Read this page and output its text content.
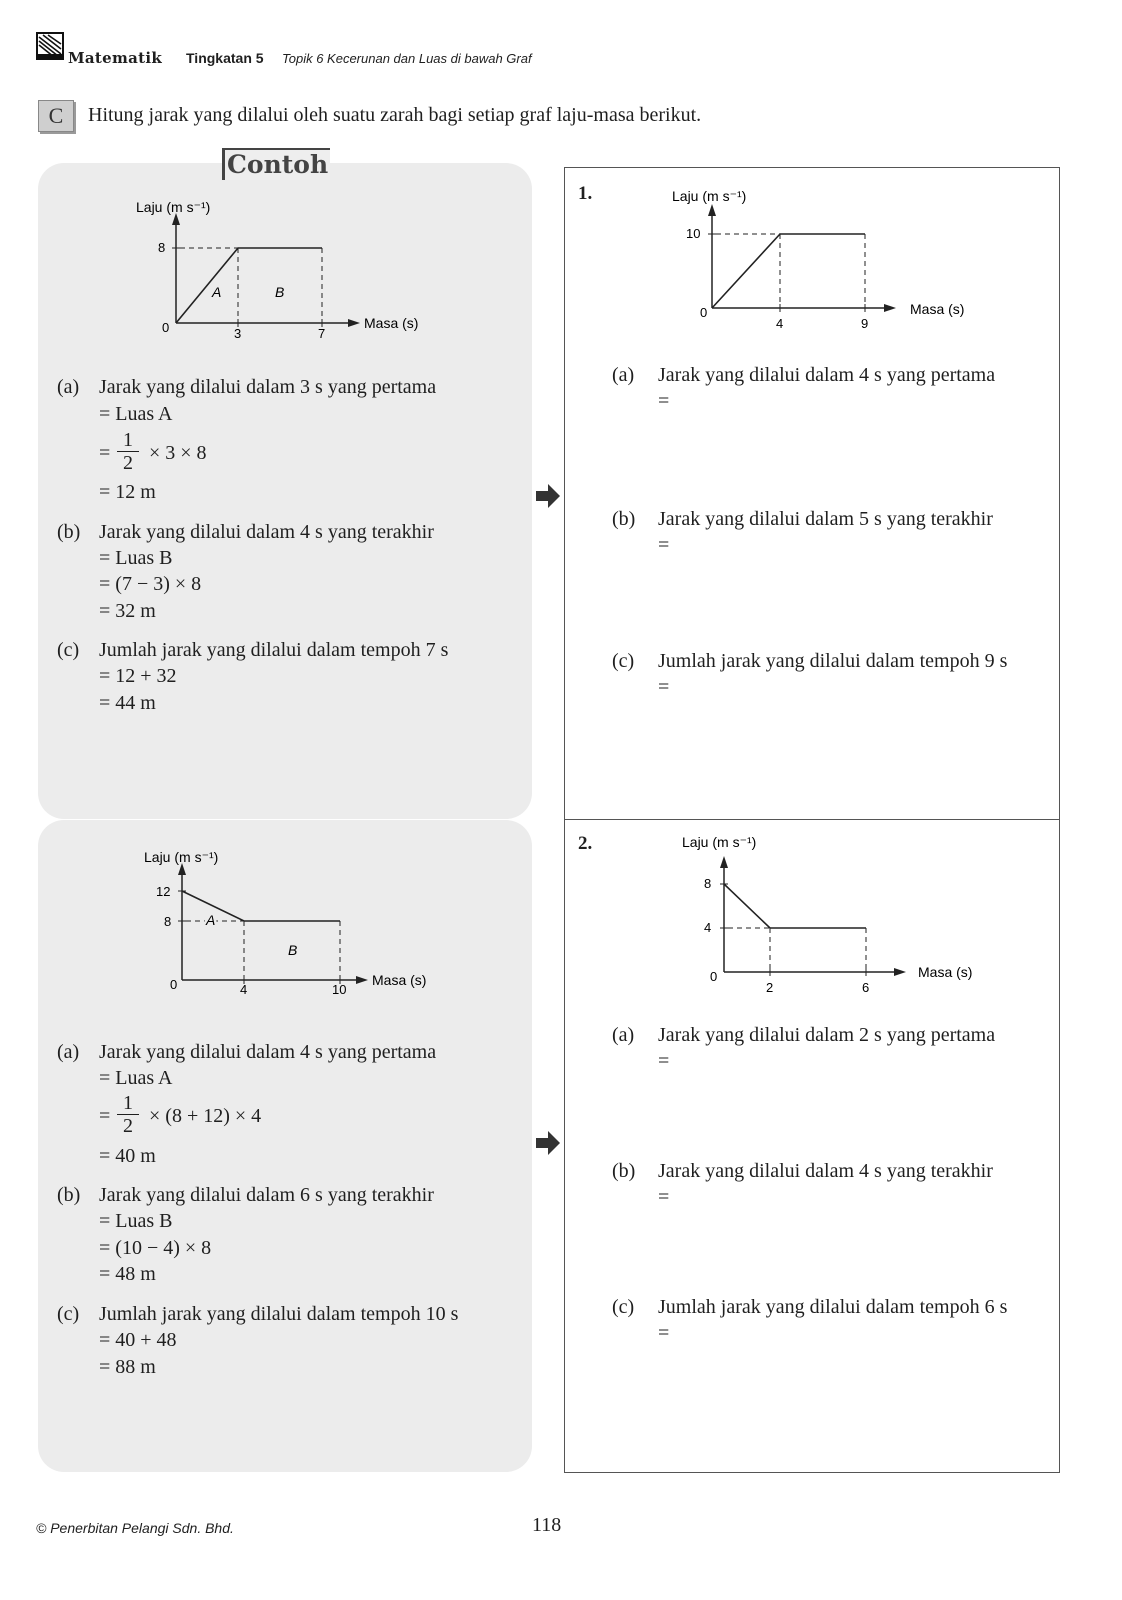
Matematik Tingkatan 5 Topik 6 Kecerunan dan Luas di bawah Graf
C	Hitung jarak yang dilalui oleh suatu zarah bagi setiap graf laju-masa berikut.
Contoh
Laju (m s⁻¹)
Masa (s)
8
0	3	7
A	B
(a) Jarak yang dilalui dalam 3 s yang pertama
= Luas A
= $\frac{1}{2} \times 3 \times 8$
= 12 m
(b) Jarak yang dilalui dalam 4 s yang terakhir
= Luas B
= (7 − 3) × 8
= 32 m
(c) Jumlah jarak yang dilalui dalam tempoh 7 s
= 12 + 32
= 44 m
Laju (m s⁻¹)
Masa (s)
12
8
0	4	10
A
B
(a) Jarak yang dilalui dalam 4 s yang pertama
= Luas A
= $\frac{1}{2} \times (8 + 12) \times 4$
= 40 m
(b) Jarak yang dilalui dalam 6 s yang terakhir
= Luas B
= (10 − 4) × 8
= 48 m
(c) Jumlah jarak yang dilalui dalam tempoh 10 s
= 40 + 48
= 88 m
1.	Laju (m s⁻¹)
Masa (s)
10
0
4	9
(a) Jarak yang dilalui dalam 4 s yang pertama
=
(b) Jarak yang dilalui dalam 5 s yang terakhir
=
(c) Jumlah jarak yang dilalui dalam tempoh 9 s
=
2.	Laju (m s⁻¹)
Masa (s)
8
4
0
2	6
(a) Jarak yang dilalui dalam 2 s yang pertama
=
(b) Jarak yang dilalui dalam 4 s yang terakhir
=
(c) Jumlah jarak yang dilalui dalam tempoh 6 s
=
© Penerbitan Pelangi Sdn. Bhd.	118
